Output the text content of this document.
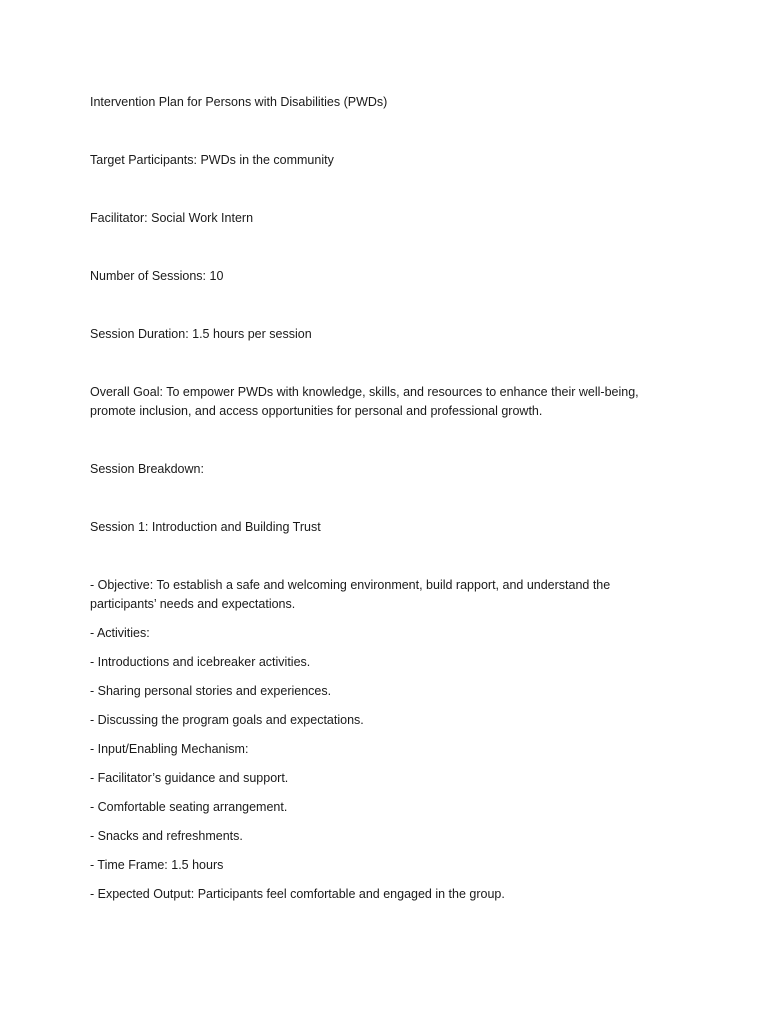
Intervention Plan for Persons with Disabilities (PWDs)

Target Participants: PWDs in the community

Facilitator: Social Work Intern

Number of Sessions: 10

Session Duration: 1.5 hours per session

Overall Goal: To empower PWDs with knowledge, skills, and resources to enhance their well-being, promote inclusion, and access opportunities for personal and professional growth.

Session Breakdown:

Session 1: Introduction and Building Trust

- Objective: To establish a safe and welcoming environment, build rapport, and understand the participants’ needs and expectations.

- Activities:

- Introductions and icebreaker activities.

- Sharing personal stories and experiences.

- Discussing the program goals and expectations.

- Input/Enabling Mechanism:

- Facilitator’s guidance and support.

- Comfortable seating arrangement.

- Snacks and refreshments.

- Time Frame: 1.5 hours

- Expected Output: Participants feel comfortable and engaged in the group.
